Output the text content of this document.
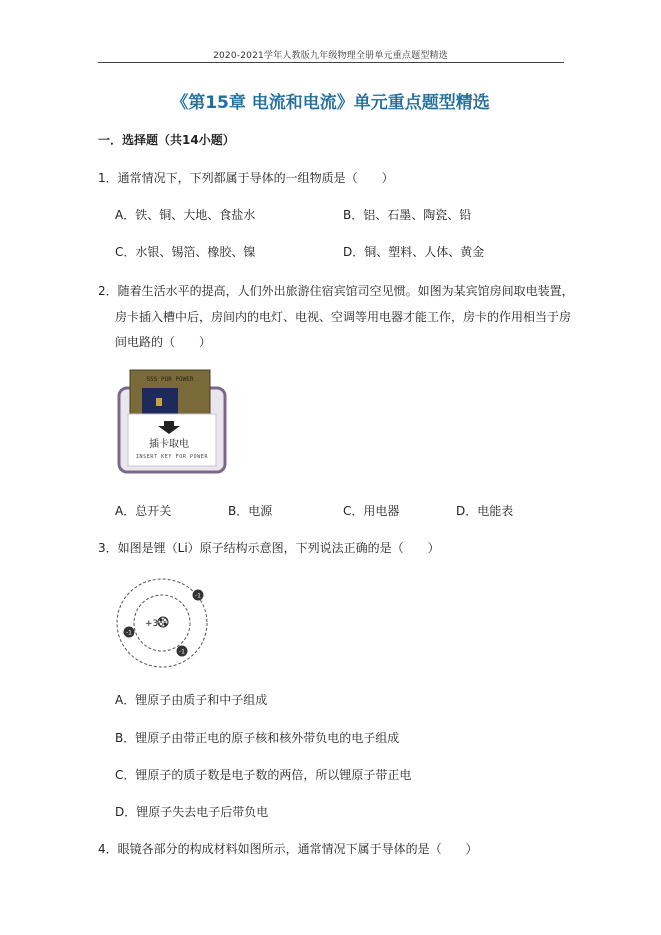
2020-2021学年人教版九年级物理全册单元重点题型精选
《第15章 电流和电流》单元重点题型精选
一．选择题（共14小题）
1．通常情况下，下列都属于导体的一组物质是（　　）
A．铁、铜、大地、食盐水	B．铝、石墨、陶瓷、铅
C．水银、锡箔、橡胶、镍	D．铜、塑料、人体、黄金
2．随着生活水平的提高，人们外出旅游住宿宾馆司空见惯。如图为某宾馆房间取电装置，
房卡插入槽中后，房间内的电灯、电视、空调等用电器才能工作，房卡的作用相当于房
间电路的（　　）
SSS POR POWER
插卡取电
INSERT KEY FOR POWER
A．总开关	B．电源	C．用电器	D．电能表
3．如图是锂（Li）原子结构示意图，下列说法正确的是（　　）
+3
-1
-1
-1
A．锂原子由质子和中子组成
B．锂原子由带正电的原子核和核外带负电的电子组成
C．锂原子的质子数是电子数的两倍，所以锂原子带正电
D．锂原子失去电子后带负电
4．眼镜各部分的构成材料如图所示，通常情况下属于导体的是（　　）
